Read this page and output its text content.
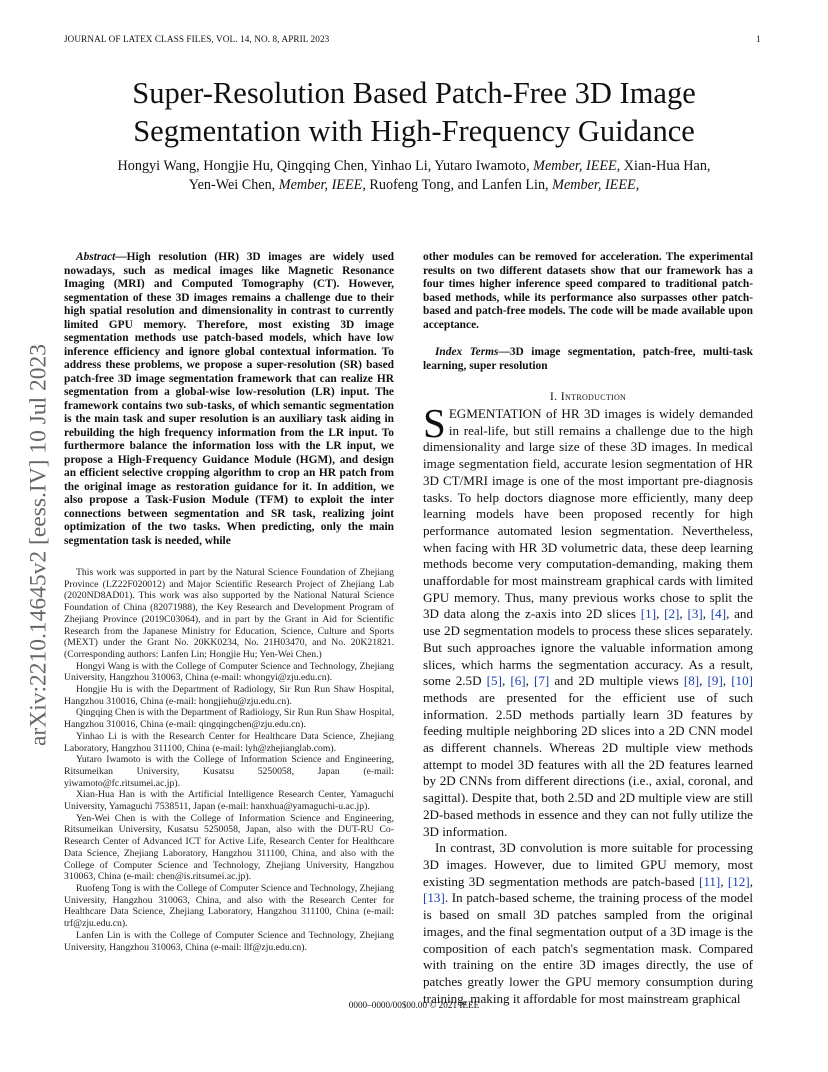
JOURNAL OF LATEX CLASS FILES, VOL. 14, NO. 8, APRIL 2023	1
arXiv:2210.14645v2 [eess.IV] 10 Jul 2023
Super-Resolution Based Patch-Free 3D Image Segmentation with High-Frequency Guidance
Hongyi Wang, Hongjie Hu, Qingqing Chen, Yinhao Li, Yutaro Iwamoto, Member, IEEE, Xian-Hua Han,
Yen-Wei Chen, Member, IEEE, Ruofeng Tong, and Lanfen Lin, Member, IEEE,
Abstract—High resolution (HR) 3D images are widely used nowadays, such as medical images like Magnetic Resonance Imaging (MRI) and Computed Tomography (CT). However, segmentation of these 3D images remains a challenge due to their high spatial resolution and dimensionality in contrast to currently limited GPU memory. Therefore, most existing 3D image segmentation methods use patch-based models, which have low inference efficiency and ignore global contextual information. To address these problems, we propose a super-resolution (SR) based patch-free 3D image segmentation framework that can realize HR segmentation from a global-wise low-resolution (LR) input. The framework contains two sub-tasks, of which semantic segmentation is the main task and super resolution is an auxiliary task aiding in rebuilding the high frequency information from the LR input. To furthermore balance the information loss with the LR input, we propose a High-Frequency Guidance Module (HGM), and design an efficient selective cropping algorithm to crop an HR patch from the original image as restoration guidance for it. In addition, we also propose a Task-Fusion Module (TFM) to exploit the inter connections between segmentation and SR task, realizing joint optimization of the two tasks. When predicting, only the main segmentation task is needed, while

This work was supported in part by the Natural Science Foundation of Zhejiang Province (LZ22F020012) and Major Scientific Research Project of Zhejiang Lab (2020ND8AD01). This work was also supported by the National Natural Science Foundation of China (82071988), the Key Research and Development Program of Zhejiang Province (2019C03064), and in part by the Grant in Aid for Scientific Research from the Japanese Ministry for Education, Science, Culture and Sports (MEXT) under the Grant No. 20KK0234, No. 21H03470, and No. 20K21821. (Corresponding authors: Lanfen Lin; Hongjie Hu; Yen-Wei Chen.)

Hongyi Wang is with the College of Computer Science and Technology, Zhejiang University, Hangzhou 310063, China (e-mail: whongyi@zju.edu.cn).

Hongjie Hu is with the Department of Radiology, Sir Run Run Shaw Hospital, Hangzhou 310016, China (e-mail: hongjiehu@zju.edu.cn).

Qingqing Chen is with the Department of Radiology, Sir Run Run Shaw Hospital, Hangzhou 310016, China (e-mail: qingqingchen@zju.edu.cn).

Yinhao Li is with the Research Center for Healthcare Data Science, Zhejiang Laboratory, Hangzhou 311100, China (e-mail: lyh@zhejianglab.com).

Yutaro Iwamoto is with the College of Information Science and Engineering, Ritsumeikan University, Kusatsu 5250058, Japan (e-mail: yiwamoto@fc.ritsumei.ac.jp).

Xian-Hua Han is with the Artificial Intelligence Research Center, Yamaguchi University, Yamaguchi 7538511, Japan (e-mail: hanxhua@yamaguchi-u.ac.jp).

Yen-Wei Chen is with the College of Information Science and Engineering, Ritsumeikan University, Kusatsu 5250058, Japan, also with the DUT-RU Co-Research Center of Advanced ICT for Active Life, Research Center for Healthcare Data Science, Zhejiang Laboratory, Hangzhou 311100, China, and also with the College of Computer Science and Technology, Zhejiang University, Hangzhou 310063, China (e-mail: chen@is.ritsumei.ac.jp).

Ruofeng Tong is with the College of Computer Science and Technology, Zhejiang University, Hangzhou 310063, China, and also with the Research Center for Healthcare Data Science, Zhejiang Laboratory, Hangzhou 311100, China (e-mail: trf@zju.edu.cn).

Lanfen Lin is with the College of Computer Science and Technology, Zhejiang University, Hangzhou 310063, China (e-mail: llf@zju.edu.cn).

other modules can be removed for acceleration. The experimental results on two different datasets show that our framework has a four times higher inference speed compared to traditional patch-based methods, while its performance also surpasses other patch-based and patch-free models. The code will be made available upon acceptance.
Index Terms—3D image segmentation, patch-free, multi-task learning, super resolution
I. Introduction

SEGMENTATION of HR 3D images is widely demanded in real-life, but still remains a challenge due to the high dimensionality and large size of these 3D images. In medical image segmentation field, accurate lesion segmentation of HR 3D CT/MRI image is one of the most important pre-diagnosis tasks. To help doctors diagnose more efficiently, many deep learning models have been proposed recently for high performance automated lesion segmentation. Nevertheless, when facing with HR 3D volumetric data, these deep learning methods become very computation-demanding, making them unaffordable for most mainstream graphical cards with limited GPU memory. Thus, many previous works chose to split the 3D data along the z-axis into 2D slices [1], [2], [3], [4], and use 2D segmentation models to process these slices separately. But such approaches ignore the valuable information among slices, which harms the segmentation accuracy. As a result, some 2.5D [5], [6], [7] and 2D multiple views [8], [9], [10] methods are presented for the efficient use of such information. 2.5D methods partially learn 3D features by feeding multiple neighboring 2D slices into a 2D CNN model as different channels. Whereas 2D multiple view methods attempt to model 3D features with all the 2D features learned by 2D CNNs from different directions (i.e., axial, coronal, and sagittal). Despite that, both 2.5D and 2D multiple view are still 2D-based methods in essence and they can not fully utilize the 3D information.

In contrast, 3D convolution is more suitable for processing 3D images. However, due to limited GPU memory, most existing 3D segmentation methods are patch-based [11], [12], [13]. In patch-based scheme, the training process of the model is based on small 3D patches sampled from the original images, and the final segmentation output of a 3D image is the composition of each patch's segmentation mask. Compared with training on the entire 3D images directly, the use of patches greatly lower the GPU memory consumption during training, making it affordable for most mainstream graphical

0000–0000/00$00.00 © 2021 IEEE
